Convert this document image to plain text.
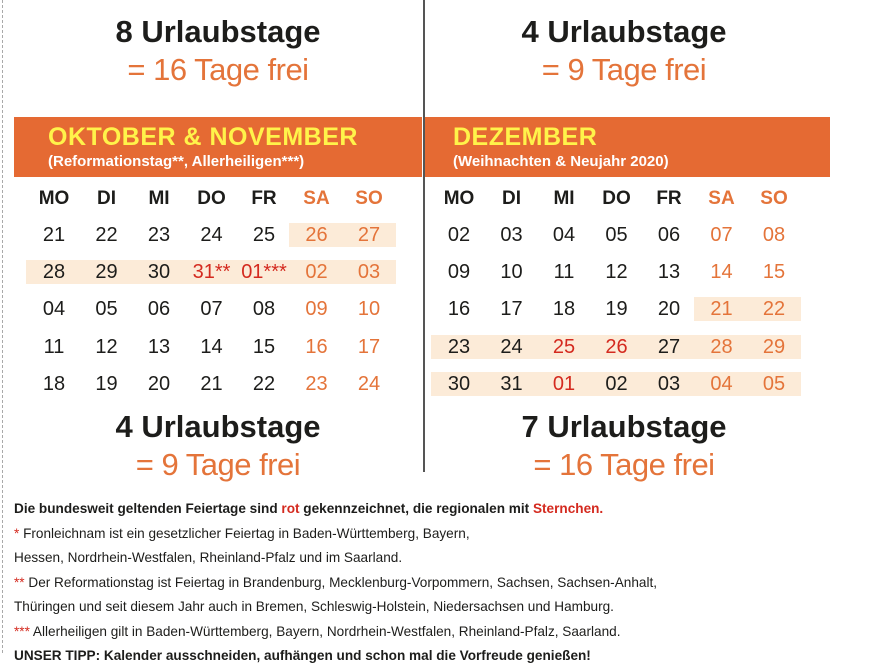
8 Urlaubstage
= 16 Tage frei
4 Urlaubstage
= 9 Tage frei
OKTOBER & NOVEMBER
(Reformationstag**, Allerheiligen***)
DEZEMBER
(Weihnachten & Neujahr 2020)
MO	DI	MI	DO	FR	SA	SO
21	22	23	24	25	26	27
28	29	30	31** 01*** 02	03
04	05	06	07	08	09	10
11	12	13	14	15	16	17
18	19	20	21	22	23	24
MO	DI	MI	DO	FR	SA	SO
02	03	04	05	06	07	08
09	10	11	12	13	14	15
16	17	18	19	20	21	22
23	24	25	26	27	28	29
30	31	01	02	03	04	05
4 Urlaubstage
= 9 Tage frei
7 Urlaubstage
= 16 Tage frei

Die bundesweit geltenden Feiertage sind rot gekennzeichnet, die regionalen mit Sternchen.

* Fronleichnam ist ein gesetzlicher Feiertag in Baden-Württemberg, Bayern,

Hessen, Nordrhein-Westfalen, Rheinland-Pfalz und im Saarland.

** Der Reformationstag ist Feiertag in Brandenburg, Mecklenburg-Vorpommern, Sachsen, Sachsen-Anhalt,

Thüringen und seit diesem Jahr auch in Bremen, Schleswig-Holstein, Niedersachsen und Hamburg.

*** Allerheiligen gilt in Baden-Württemberg, Bayern, Nordrhein-Westfalen, Rheinland-Pfalz, Saarland.

UNSER TIPP: Kalender ausschneiden, aufhängen und schon mal die Vorfreude genießen!
